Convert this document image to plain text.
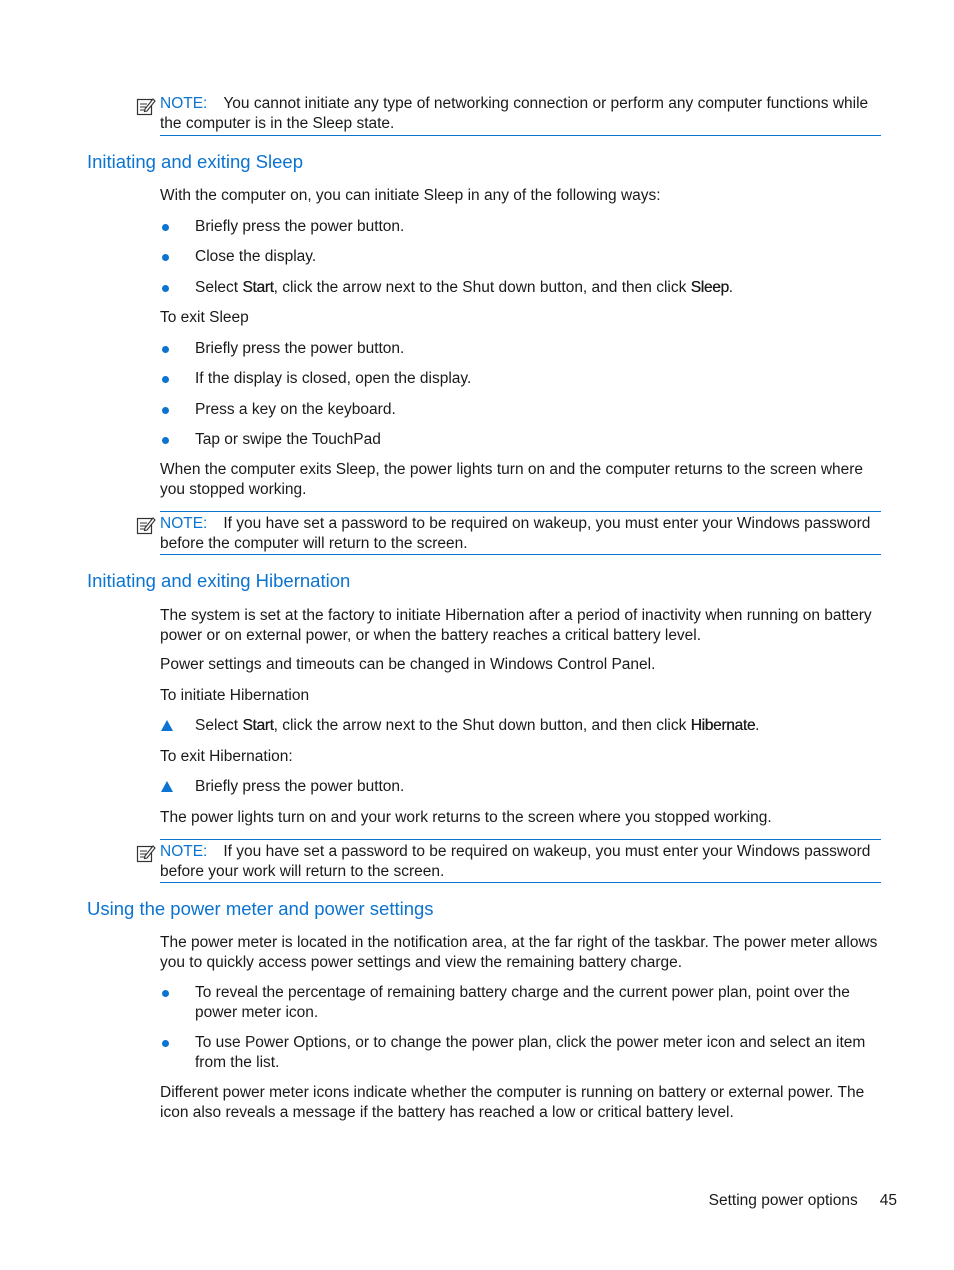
NOTE: You cannot initiate any type of networking connection or perform any computer functions while the computer is in the Sleep state.
Initiating and exiting Sleep
With the computer on, you can initiate Sleep in any of the following ways:
Briefly press the power button.
Close the display.
Select Start, click the arrow next to the Shut down button, and then click Sleep.
To exit Sleep
Briefly press the power button.
If the display is closed, open the display.
Press a key on the keyboard.
Tap or swipe the TouchPad
When the computer exits Sleep, the power lights turn on and the computer returns to the screen where you stopped working.
NOTE: If you have set a password to be required on wakeup, you must enter your Windows password before the computer will return to the screen.
Initiating and exiting Hibernation
The system is set at the factory to initiate Hibernation after a period of inactivity when running on battery power or on external power, or when the battery reaches a critical battery level.
Power settings and timeouts can be changed in Windows Control Panel.
To initiate Hibernation
Select Start, click the arrow next to the Shut down button, and then click Hibernate.
To exit Hibernation:
Briefly press the power button.
The power lights turn on and your work returns to the screen where you stopped working.
NOTE: If you have set a password to be required on wakeup, you must enter your Windows password before your work will return to the screen.
Using the power meter and power settings
The power meter is located in the notification area, at the far right of the taskbar. The power meter allows you to quickly access power settings and view the remaining battery charge.
To reveal the percentage of remaining battery charge and the current power plan, point over the power meter icon.
To use Power Options, or to change the power plan, click the power meter icon and select an item from the list.
Different power meter icons indicate whether the computer is running on battery or external power. The icon also reveals a message if the battery has reached a low or critical battery level.
Setting power options 45
